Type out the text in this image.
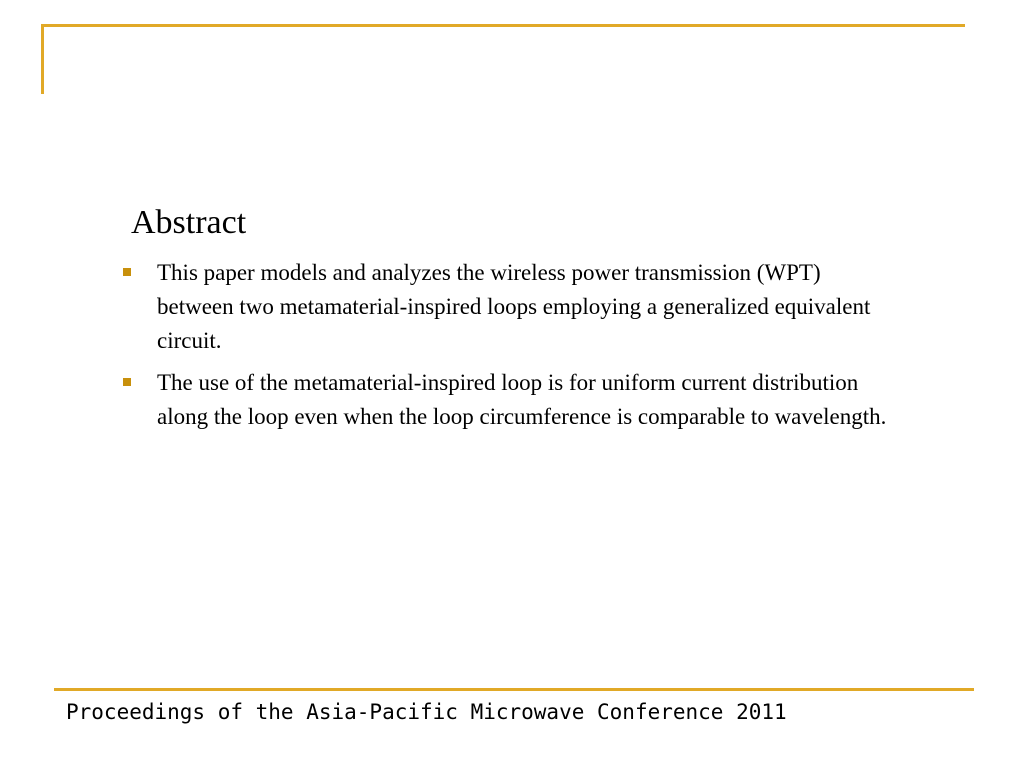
Abstract
This paper models and analyzes the wireless power transmission (WPT) between two metamaterial-inspired loops employing a generalized equivalent circuit.
The use of the metamaterial-inspired loop is for uniform current distribution along the loop even when the loop circumference is comparable to wavelength.
Proceedings of the Asia-Pacific Microwave Conference 2011
